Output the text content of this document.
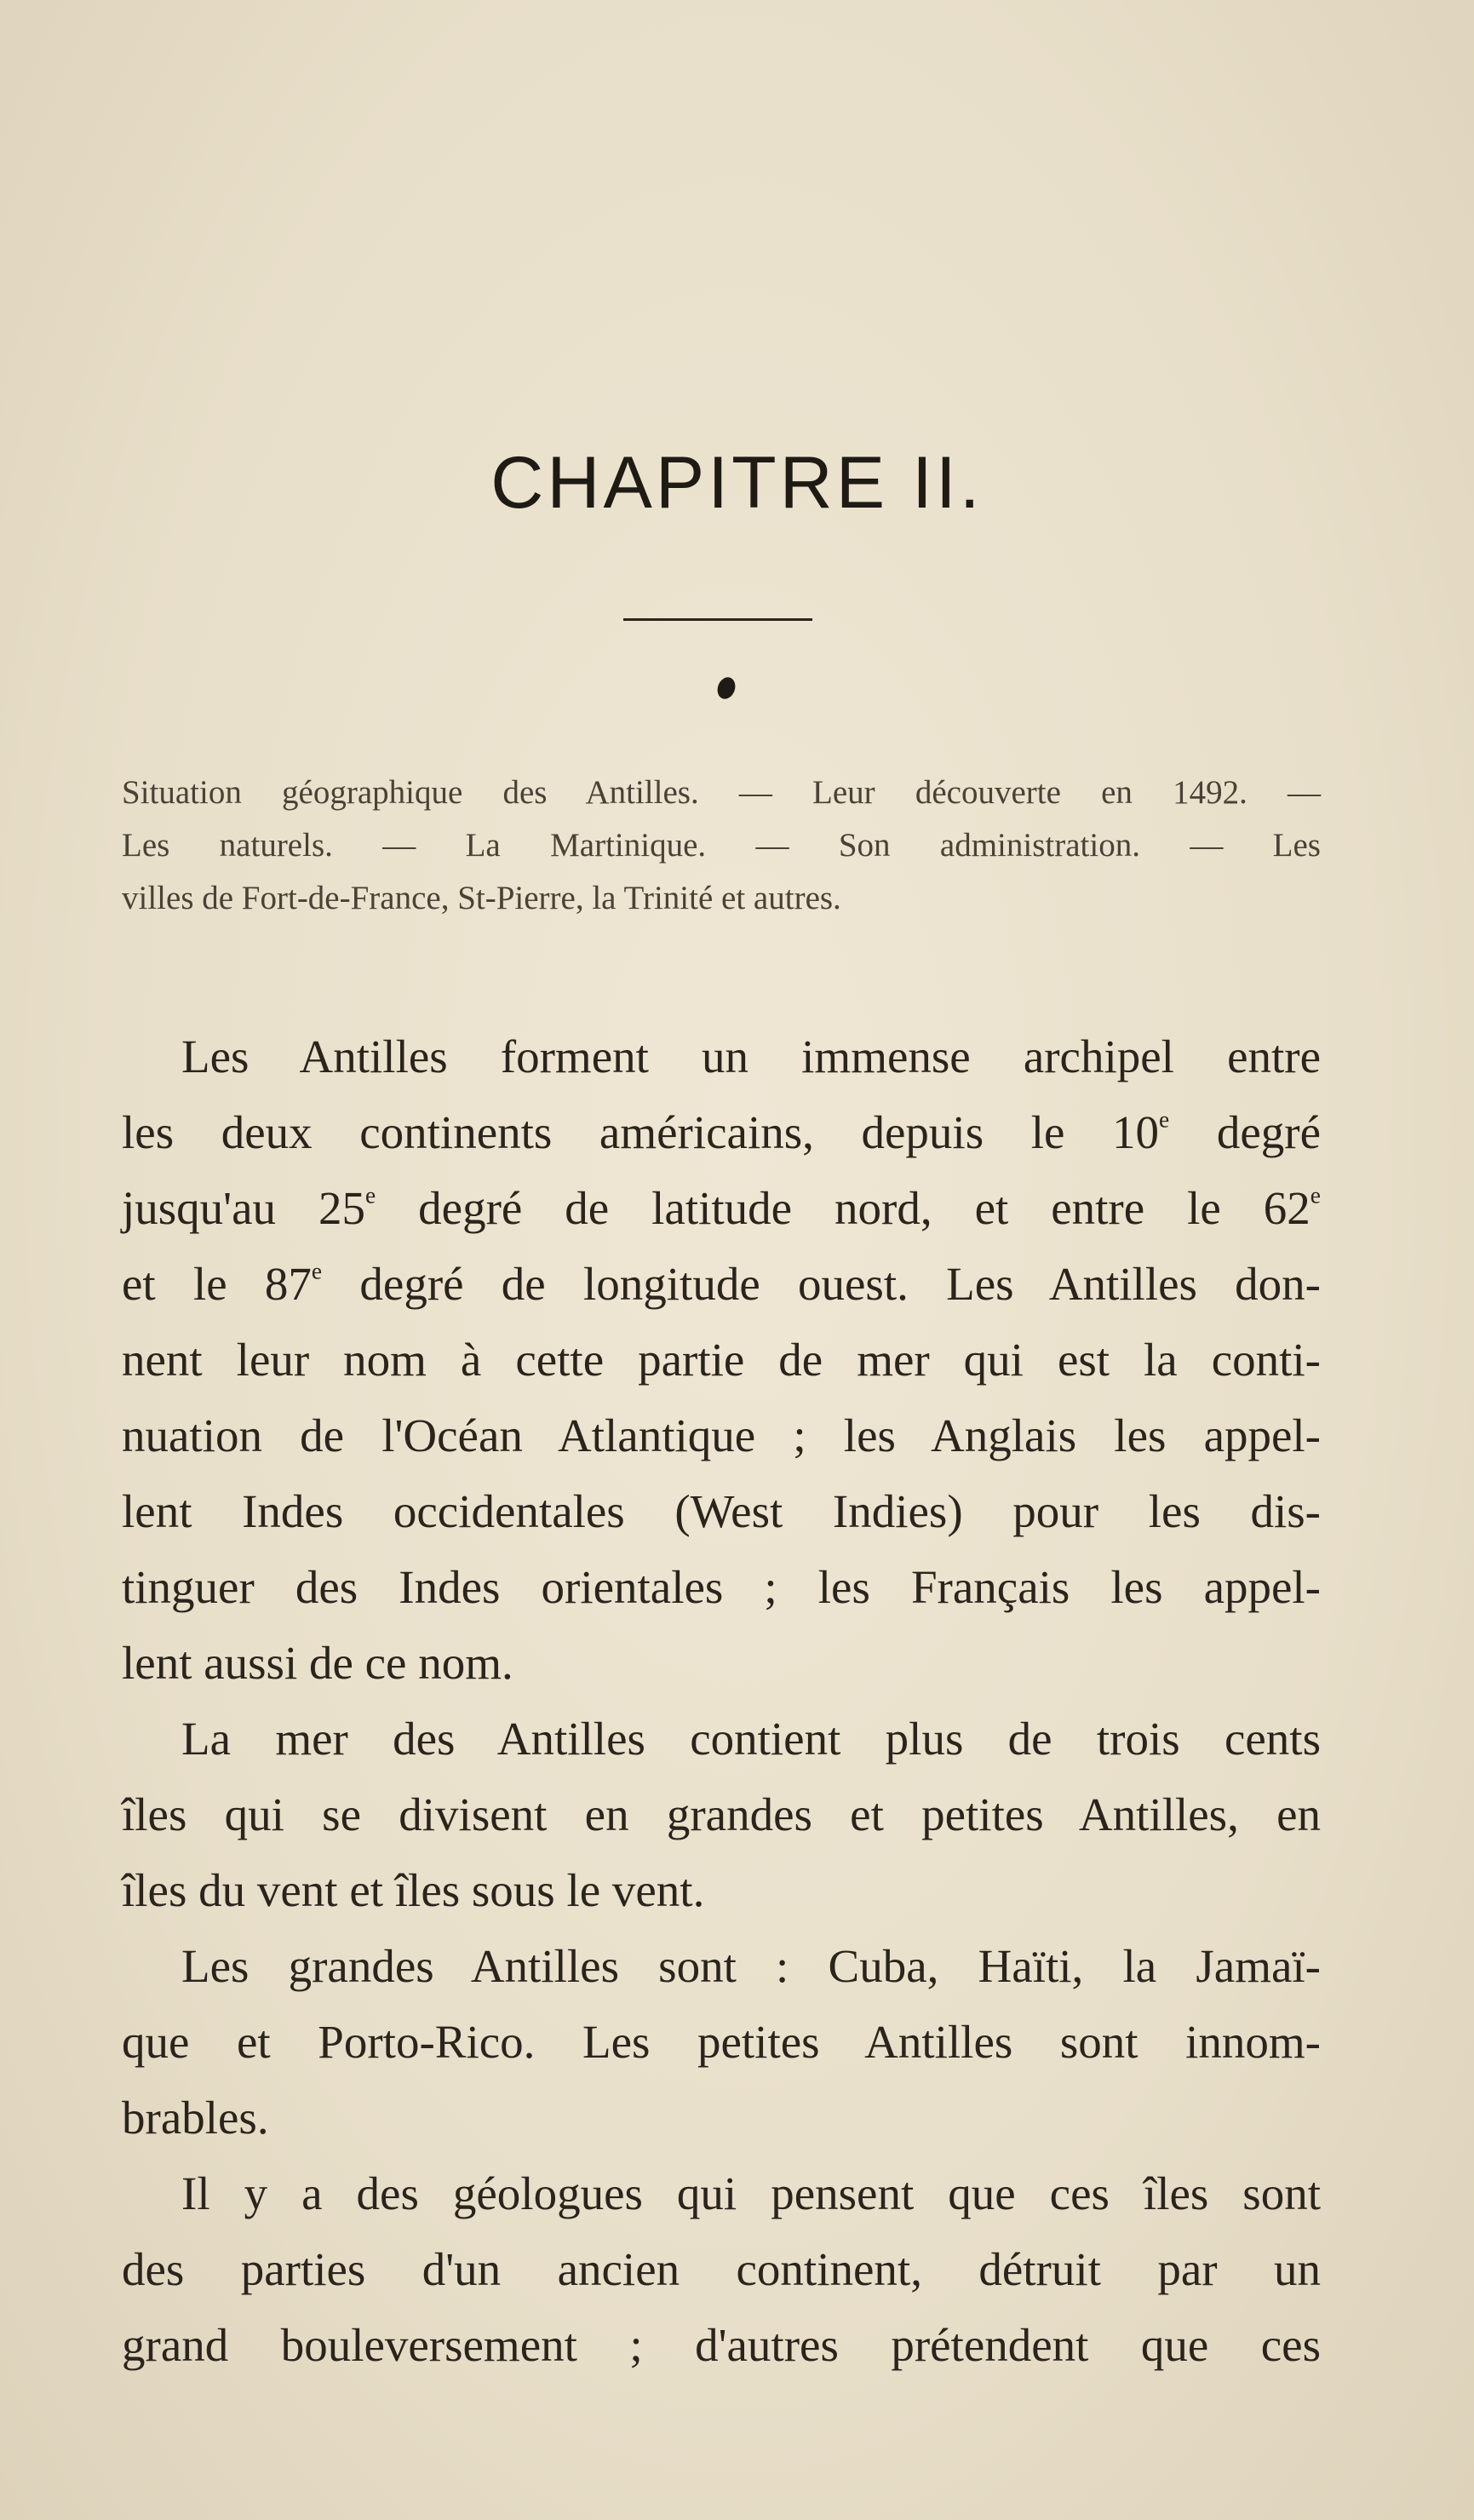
CHAPITRE II.
Situation géographique des Antilles. — Leur découverte en 1492. —
Les naturels. — La Martinique. — Son administration. — Les
villes de Fort-de-France, St-Pierre, la Trinité et autres.
Les Antilles forment un immense archipel entre
les deux continents américains, depuis le 10e degré
jusqu'au 25e degré de latitude nord, et entre le 62e
et le 87e degré de longitude ouest. Les Antilles don-
nent leur nom à cette partie de mer qui est la conti-
nuation de l'Océan Atlantique ; les Anglais les appel-
lent Indes occidentales (West Indies) pour les dis-
tinguer des Indes orientales ; les Français les appel-
lent aussi de ce nom.
La mer des Antilles contient plus de trois cents
îles qui se divisent en grandes et petites Antilles, en
îles du vent et îles sous le vent.
Les grandes Antilles sont : Cuba, Haïti, la Jamaï-
que et Porto-Rico. Les petites Antilles sont innom-
brables.
Il y a des géologues qui pensent que ces îles sont
des parties d'un ancien continent, détruit par un
grand bouleversement ; d'autres prétendent que ces
